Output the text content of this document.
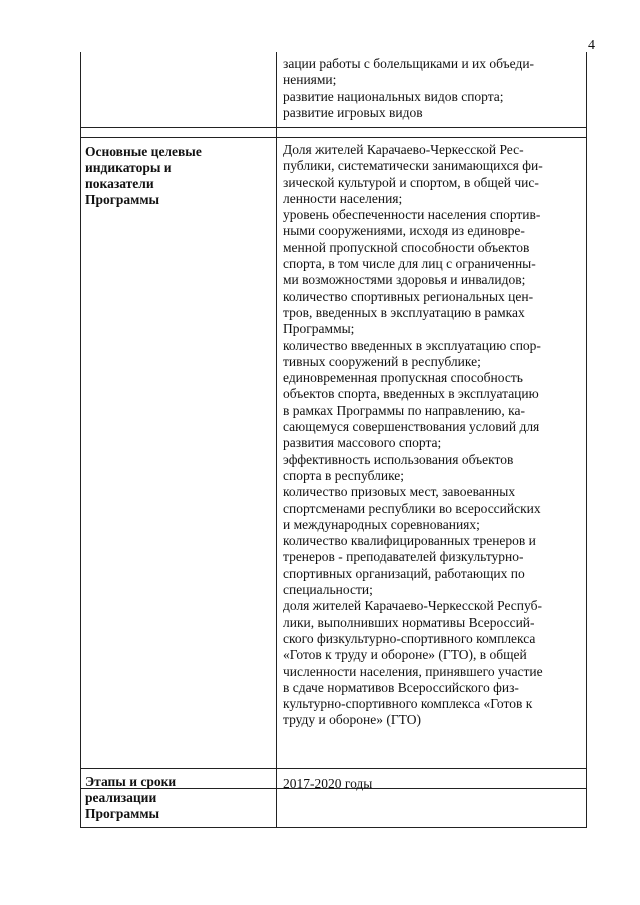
4
зации работы с болельщиками и их объеди-
нениями;
развитие национальных видов спорта;
развитие игровых видов
Основные целевые
индикаторы и
показатели
Программы
Доля жителей Карачаево-Черкесской Рес-
публики, систематически занимающихся фи-
зической культурой и спортом, в общей чис-
ленности населения;
уровень обеспеченности населения спортив-
ными сооружениями, исходя из единовре-
менной пропускной способности объектов
спорта, в том числе для лиц с ограниченны-
ми возможностями здоровья и инвалидов;
количество спортивных региональных цен-
тров, введенных в эксплуатацию в рамках
Программы;
количество введенных в эксплуатацию спор-
тивных сооружений в республике;
единовременная пропускная способность
объектов спорта, введенных в эксплуатацию
в рамках Программы по направлению, ка-
сающемуся совершенствования условий для
развития массового спорта;
эффективность использования объектов
спорта в республике;
количество призовых мест, завоеванных
спортсменами республики во всероссийских
и международных соревнованиях;
количество квалифицированных тренеров и
тренеров - преподавателей физкультурно-
спортивных организаций, работающих по
специальности;
доля жителей Карачаево-Черкесской Респуб-
лики, выполнивших нормативы Всероссий-
ского физкультурно-спортивного комплекса
«Готов к труду и обороне» (ГТО), в общей
численности населения, принявшего участие
в сдаче нормативов Всероссийского физ-
культурно-спортивного комплекса «Готов к
труду и обороне» (ГТО)
Этапы и сроки
реализации
Программы
2017-2020 годы
